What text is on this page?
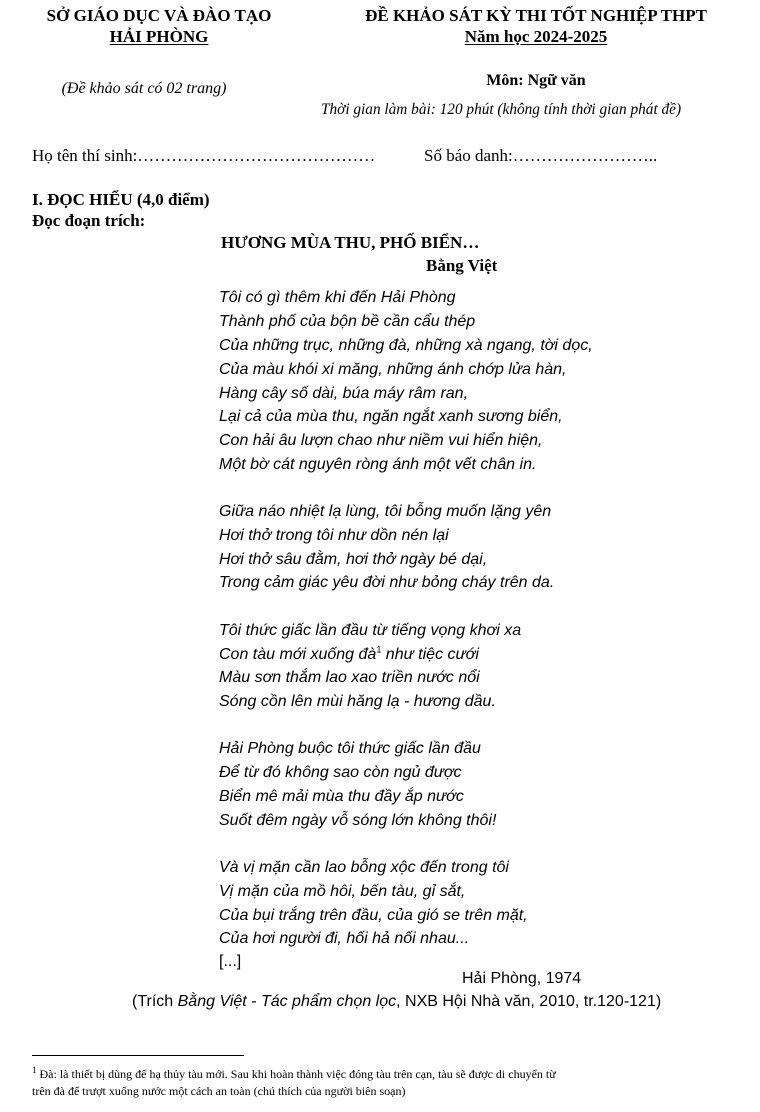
SỞ GIÁO DỤC VÀ ĐÀO TẠO
HẢI PHÒNG
(Đề khảo sát có 02 trang)
ĐỀ KHẢO SÁT KỲ THI TỐT NGHIỆP THPT
Năm học 2024-2025
Môn: Ngữ văn
Thời gian làm bài: 120 phút (không tính thời gian phát đề)
Họ tên thí sinh:……………………………………	Số báo danh:……………………..
I. ĐỌC HIỂU (4,0 điểm)
Đọc đoạn trích:
HƯƠNG MÙA THU, PHỐ BIỂN…
Bằng Việt
Tôi có gì thêm khi đến Hải Phòng
Thành phố của bộn bề cần cẩu thép
Của những trục, những đà, những xà ngang, tời dọc,
Của màu khói xi măng, những ánh chớp lửa hàn,
Hàng cây số dài, búa máy râm ran,
Lại cả của mùa thu, ngăn ngắt xanh sương biển,
Con hải âu lượn chao như niềm vui hiển hiện,
Một bờ cát nguyên ròng ánh một vết chân in.
Giữa náo nhiệt lạ lùng, tôi bỗng muốn lặng yên
Hơi thở trong tôi như dồn nén lại
Hơi thở sâu đằm, hơi thở ngày bé dại,
Trong cảm giác yêu đời như bỏng cháy trên da.
Tôi thức giấc lần đầu từ tiếng vọng khơi xa
Con tàu mới xuống $đà^1$ như tiệc cưới
Màu sơn thắm lao xao triền nước nổi
Sóng cồn lên mùi hăng lạ - hương dầu.
Hải Phòng buộc tôi thức giấc lần đầu
Để từ đó không sao còn ngủ được
Biển mê mải mùa thu đầy ắp nước
Suốt đêm ngày vỗ sóng lớn không thôi!
Và vị mặn cần lao bỗng xộc đến trong tôi
Vị mặn của mồ hôi, bến tàu, gỉ sắt,
Của bụi trắng trên đầu, của gió se trên mặt,
Của hơi người đi, hối hả nối nhau...
[...]
Hải Phòng, 1974
(Trích Bằng Việt - Tác phẩm chọn lọc, NXB Hội Nhà văn, 2010, tr.120-121)
$^1$ Đà: là thiết bị dùng để hạ thủy tàu mới. Sau khi hoàn thành việc đóng tàu trên cạn, tàu sẽ được di chuyển từ
trên đà để trượt xuống nước một cách an toàn (chú thích của người biên soạn)
